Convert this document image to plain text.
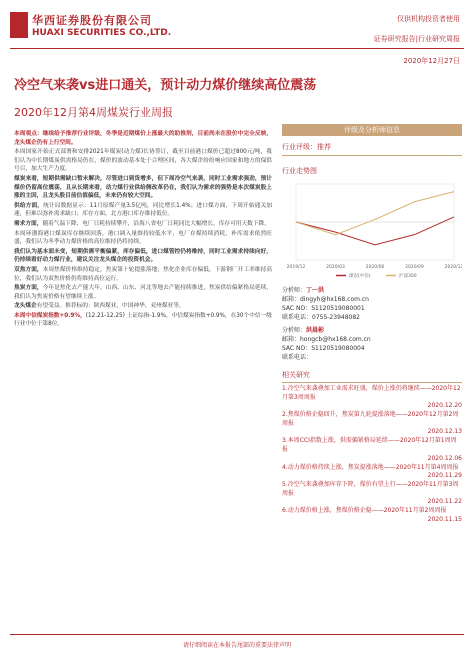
华西证券股份有限公司
HUAXI SECURITIES CO.,LTD.
仅供机构投资者使用
证券研究报告|行业研究周报
2020年12月27日
冷空气来袭vs进口通关，预计动力煤价继续高位震荡
2020年12月第4周煤炭行业周报

本周观点：继续给予推荐行业评级，冬季是近期煤价上涨最大的助推剂，目前尚未在股价中完全反映，龙头煤企仍有上行空间。

本周国家开始正式部署和安排2021年煤炭(动力煤)长协签订，截至目前港口煤价已超过800元/吨，我们认为中长期煤炭供需格局仍在，煤价的波动基本处于合理区间，各大煤企纷纷响应国家和地方的保供号召，加大生产力度。

煤炭来看，短期供需缺口暂未解决，尽管进口到货增多，但下周冷空气来袭，同时工业需求强劲，预计煤价仍留高位震荡，且从长期来看，动力煤行业供给侧改革仍在，我们认为需求的强势是本次煤炭股上涨的主因，且龙头股目前估值偏低，未来仍有较大空间。

供给方面，统计局数据显示：11月原煤产量3.5亿吨，同比增长1.4%；进口煤方面，下周开始通关加速，但难以弥补需求缺口；库存方面，北方港口库存维持低位。

需求方面，随着气温下降，电厂日耗持续攀升，沿海八省电厂日耗同比大幅增长，库存可用天数下降。

本周环渤海港口煤炭库存继续回落，港口调入量维持较低水平，电厂存煤持续消耗，补库需求依然旺盛，我们认为冬季动力煤价格的高位维持仍将持续。

我们认为基本面未变，短期供需平衡偏紧，库存偏低，进口煤管控仍将维持，同时工业需求持续向好，仍持续看好动力煤行业，建议关注龙头煤企的投资机会。

双焦方面，本周焦煤价格维持稳定，焦炭第十轮提涨落地；焦化企业库存偏低，下游钢厂开工率维持高位，我们认为双焦价格仍将维持高位运行。

焦炭方面，今年是焦化去产能大年，山西、山东、河北等地去产能持续推进，焦炭供给偏紧格局延续，我们认为焦炭价格有望继续上涨。

龙头煤企有望受益。推荐标的：陕西煤业、中国神华、兖州煤业等。

本周中信煤炭指数+0.9%，(12.21-12.25) 上证综指-1.9%，中信煤炭指数+0.9%，在30个中信一级行业中位于第8位。

评级及分析师信息
行业评级：推荐
行业走势图
2019/12	2020/03	2020/06	2020/09	2020/12
煤炭(中信)	沪深300
分析师：丁一洪
邮箱：dingyh@hx168.com.cn
SAC NO：S1120519080001
联系电话：0755-23948082
分析师：洪晨彬
邮箱：hongcb@hx168.com.cn
SAC NO：S1120519080004
联系电话：
相关研究
1.冷空气来袭叠加工业需求旺盛，煤价上涨仍将继续——2020年12月第3周周报
2020.12.20
2.焦煤价格企稳回升，焦炭第九轮提涨落地——2020年12月第2周周报
2020.12.13
3.本周CCI指数上涨，供需偏紧格局延续——2020年12月第1周周报
2020.12.06
4.动力煤价格持续上涨，焦炭提涨落地——2020年11月第4周周报
2020.11.29
5.冷空气来袭叠加库存下降，煤价有望上行——2020年11月第3周周报
2020.11.22
6.动力煤价格上涨，焦煤价格企稳——2020年11月第2周周报
2020.11.15
请仔细阅读在本报告尾部的重要法律声明
